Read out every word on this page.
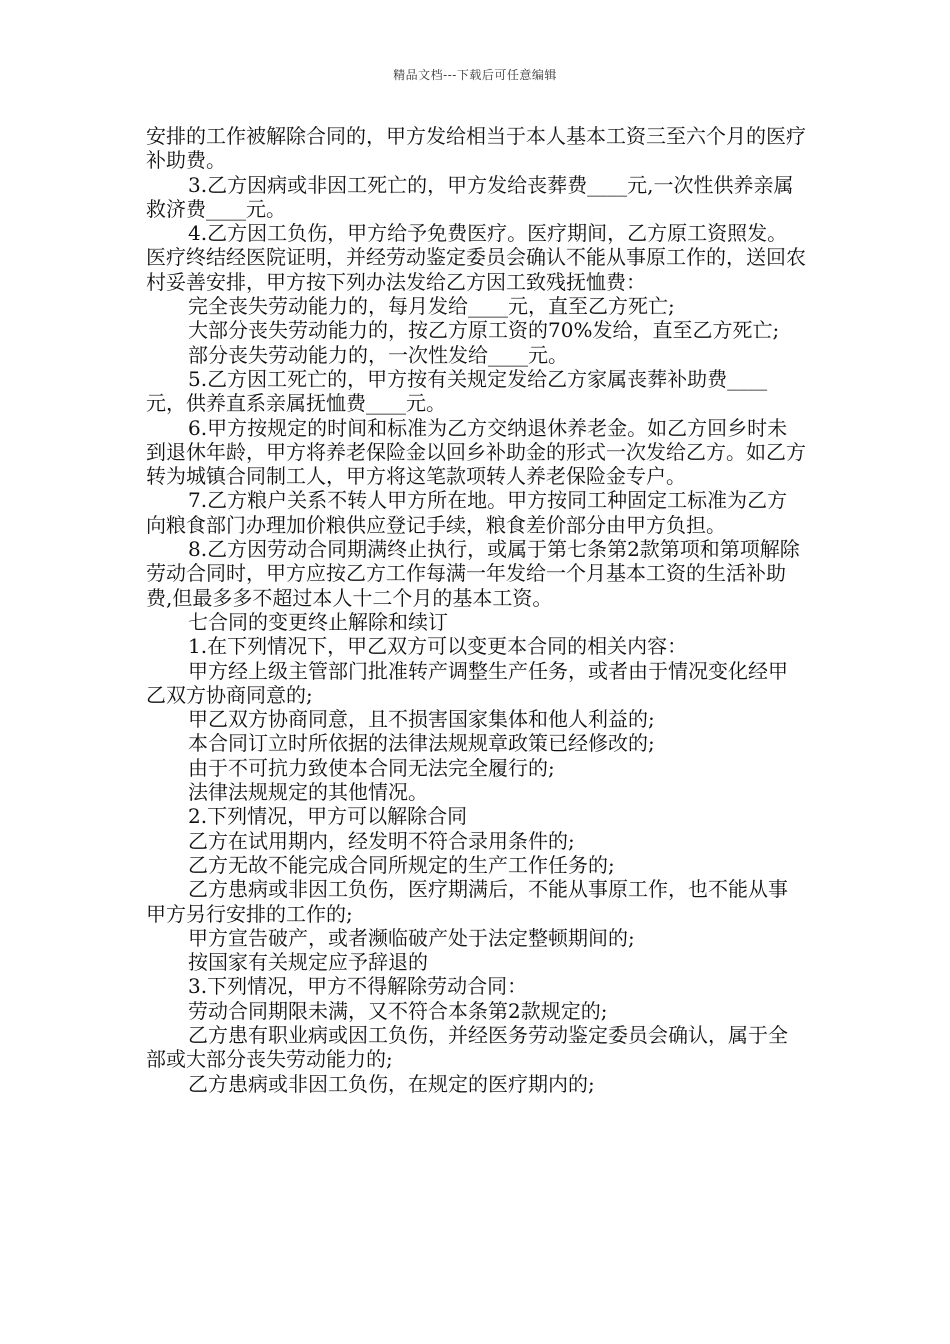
精品文档---下载后可任意编辑

安排的工作被解除合同的，甲方发给相当于本人基本工资三至六个月的医疗补助费。

3.乙方因病或非因工死亡的，甲方发给丧葬费____元,一次性供养亲属救济费____元。

4.乙方因工负伤，甲方给予免费医疗。医疗期间，乙方原工资照发。医疗终结经医院证明，并经劳动鉴定委员会确认不能从事原工作的，送回农村妥善安排，甲方按下列办法发给乙方因工致残抚恤费：

完全丧失劳动能力的，每月发给____元，直至乙方死亡;

大部分丧失劳动能力的，按乙方原工资的70%发给，直至乙方死亡;

部分丧失劳动能力的，一次性发给____元。

5.乙方因工死亡的，甲方按有关规定发给乙方家属丧葬补助费____元，供养直系亲属抚恤费____元。

6.甲方按规定的时间和标准为乙方交纳退休养老金。如乙方回乡时未到退休年龄，甲方将养老保险金以回乡补助金的形式一次发给乙方。如乙方转为城镇合同制工人，甲方将这笔款项转人养老保险金专户。

7.乙方粮户关系不转人甲方所在地。甲方按同工种固定工标准为乙方向粮食部门办理加价粮供应登记手续，粮食差价部分由甲方负担。

8.乙方因劳动合同期满终止执行，或属于第七条第2款第项和第项解除劳动合同时，甲方应按乙方工作每满一年发给一个月基本工资的生活补助费,但最多多不超过本人十二个月的基本工资。

七合同的变更终止解除和续订

1.在下列情况下，甲乙双方可以变更本合同的相关内容：

甲方经上级主管部门批准转产调整生产任务，或者由于情况变化经甲乙双方协商同意的;

甲乙双方协商同意，且不损害国家集体和他人利益的;

本合同订立时所依据的法律法规规章政策已经修改的;

由于不可抗力致使本合同无法完全履行的;

法律法规规定的其他情况。

2.下列情况，甲方可以解除合同

乙方在试用期内，经发明不符合录用条件的;

乙方无故不能完成合同所规定的生产工作任务的;

乙方患病或非因工负伤，医疗期满后，不能从事原工作，也不能从事甲方另行安排的工作的;

甲方宣告破产，或者濒临破产处于法定整顿期间的;

按国家有关规定应予辞退的

3.下列情况，甲方不得解除劳动合同：

劳动合同期限未满，又不符合本条第2款规定的;

乙方患有职业病或因工负伤，并经医务劳动鉴定委员会确认，属于全部或大部分丧失劳动能力的;

乙方患病或非因工负伤，在规定的医疗期内的;
